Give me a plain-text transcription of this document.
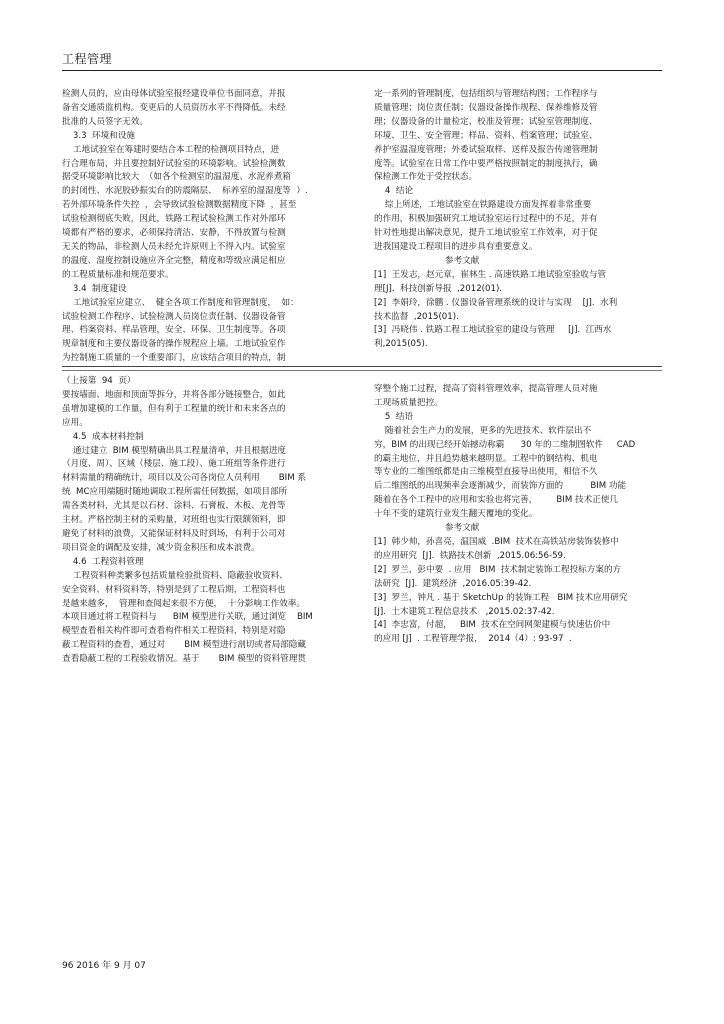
工程管理

检测人员的，应由母体试验室报经建设单位书面同意，并报

备省交通质监机构。变更后的人员资历水平不得降低。未经

批准的人员签字无效。

3.3  环境和设施

工地试验室在筹建时要结合本工程的检测项目特点，进

行合理布局，并且要控制好试验室的环境影响。试验检测数

据受环境影响比较大  （如各个检测室的温湿度、水泥养煮箱

的封闭性、水泥胶砂振实台的防震隔层、  标养室的湿湿度等  ）.

若外部环境条件失控  ，会导致试验检测数据精度下降  ，甚至

试验检测彻底失败，因此，铁路工程试验检测工作对外部环

境都有严格的要求，必须保持清洁、安静，不得放置与检测

无关的物品，非检测人员未经允许原则上不得入内。试验室

的温度、湿度控制设施应齐全完整，精度和等级应满足相应

的工程质量标准和规范要求。

3.4  制度建设

工地试验室应建立、  健全各项工作制度和管理制度，  如：

试验检测工作程序、试验检测人员岗位责任制、仪器设备管

理、档案资料、样品管理，安全、环保、卫生制度等。各项

规章制度和主要仪器设备的操作规程应上墙。工地试验室作

为控制施工质量的一个重要部门，应该结合项目的特点，制

定一系列的管理制度，包括组织与管理结构图；工作程序与

质量管理；岗位责任制；仪器设备操作规程、保养维修及管

理；仪器设备的计量检定、校准及管理；试验室管理制度、

环境、卫生、安全管理；样品、资料、档案管理；试验室、

养护室温湿度管理；外委试验取样、送样及报告传递管理制

度等。试验室在日常工作中要严格按照制定的制度执行，确

保检测工作处于受控状态。

4  结论

综上所述，工地试验室在铁路建设方面发挥着非常重要

的作用，积极加强研究工地试验室运行过程中的不足，并有

针对性地提出解决意见，提升工地试验室工作效率，对于促

进我国建设工程项目的进步具有重要意义。

参考文献

[1]  王发志，赵元章，崔林生 . 高速铁路工地试验室验收与管

理[J].  科技创新导报  ,2012(01).

[2]  李娟玲，徐鹏 . 仪器设备管理系统的设计与实现    [J].  水利

技术监督  ,2015(01).

[3]  冯晓伟 . 铁路工程工地试验室的建设与管理     [J].  江西水

利,2015(05).

（上接第  94  页）

要按墙面、地面和顶面等拆分，并将各部分链接整合，如此

虽增加建模的工作量，但有利于工程量的统计和未来各点的

应用。

4.5  成本材料控制

通过建立  BIM 模型精确出具工程量清单，并且根据进度

（月度、周）、区域（楼层、施工段）、施工班组等条件进行

材料需量的精确统计，项目以及公司各岗位人员利用       BIM 系

统  MC应用端随时随地调取工程所需任何数据，如项目部所

需各类材料，尤其是以石材、涂料、石膏板、木板、龙骨等

主材。严格控制主材的采购量，对班组也实行限额领料，即

避免了材料的浪费，又能保证材料及时到场，有利于公司对

项目资金的调配及安排，减少资金积压和成本浪费。

4.6  工程资料管理

工程资料种类繁多包括质量检验批资料、隐蔽验收资料、

安全资料、材料资料等，特别是到了工程后期，工程资料也

是越来越多，  管理和查阅起来很不方便，  十分影响工作效率。

本项目通过将工程资料与      BIM 模型进行关联，通过浏览    BIM

模型查看相关构件即可查看构件相关工程资料，特别是对隐

蔽工程资料的查看，通过对       BIM 模型进行剖切或者局部隐藏

查看隐蔽工程的工程验收情况。基于       BIM 模型的资料管理贯

穿整个施工过程，提高了资料管理效率，提高管理人员对施

工现场质量把控。

5  结语

随着社会生产力的发展，更多的先进技术、软件层出不

穷，BIM 的出现已经开始撼动称霸      30 年的二维制图软件     CAD

的霸主地位，并且趋势越来越明显。工程中的钢结构、机电

等专业的二维图纸都是由三维模型直接导出使用，相信不久

后二维图纸的出现频率会逐渐减少，而装饰方面的          BIM 功能

随着在各个工程中的应用和实验也将完善，       BIM 技术正使几

十年不变的建筑行业发生翻天覆地的变化。

参考文献

[1]  韩少帅，孙喜亮，温国威  .BIM  技术在高铁站房装饰装修中

的应用研究  [J].  铁路技术创新  ,2015.06:56-59.

[2]  罗兰，彭中要  . 应用   BIM  技术制定装饰工程投标方案的方

法研究  [J].  建筑经济  ,2016.05:39-42.

[3]  罗兰，钟凡 . 基于 SketchUp 的装饰工程   BIM 技术应用研究

[J].  土木建筑工程信息技术   ,2015.02:37-42.

[4]  李忠富，付超，   BIM  技术在空间网架建模与快速估价中

的应用 [J]  . 工程管理学报，  2014（4）: 93-97  .

96 2016 年 9 月 07
